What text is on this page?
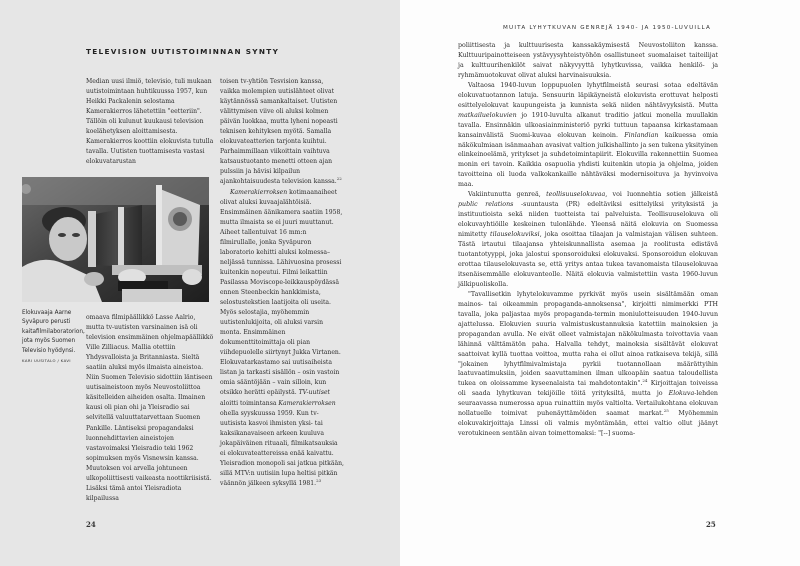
TELEVISION UUTISTOIMINNAN SYNTY

Median uusi ilmiö, televisio, tuli mukaan uutistoimintaan huhtikuussa 1957, kun Heikki Packalenin selostama Kamerakierros lähetettiin "eetteriin". Tällöin oli kulunut kuukausi television koelähetyksen aloittamisesta. Kamerakierros koottiin elokuvista tutulla tavalla. Uutisten tuottamisesta vastasi elokuvatarustan

Elokuvaaja Aarne Syväpuro perusti kaitafilmilaboratorion, jota myös Suomen Televisio hyödynsi. KARI UUSITALO / KAVI

omaava filmipäällikkö Lasse Aalrio, mutta tv-uutisten varsinainen isä oli television ensimmäinen ohjelmapäällikkö Ville Zilliacus. Mallia otettiin Yhdysvalloista ja Britanniasta. Sieltä saatiin aluksi myös ilmaista aineistoa. Niin Suomen Televisio sidottiin läntiseen uutisaineistoon myös Neuvostoliittoa käsitelleiden aiheiden osalta. Ilmainen kausi oli pian ohi ja Yleisradio sai selvitellä valuuttatarvettaan Suomen Pankille. Läntiseksi propagandaksi luonnehdittavien aineistojen vastavoimaksi Yleisradio teki 1962 sopimuksen myös Visnewsin kanssa. Muutoksen voi arvella johtuneen ulkopoliittisesti vaikeasta noottikriisistä. Lisäksi tämä antoi Yleisradiota kilpailussa

toisen tv-yhtiön Tesvision kanssa, vaikka molempien uutislähteet olivat käytännössä samankaltaiset. Uutisten välittymisen viive oli aluksi kolmen päivän luokkaa, mutta lyheni nopeasti teknisen kehityksen myötä. Samalla elokuvateatterien tarjonta kuihtui. Parhaimmillaan viikoittain vaihtuva katsaustuotanto menetti otteen ajan pulssiin ja hävisi kilpailun ajankohtaisuudesta television kanssa.$^{22}$

Kamerakierroksen kotimaanaiheet olivat aluksi kuvaajalähtöisiä. Ensimmäinen äänikamera saatiin 1958, mutta ilmaista se ei juuri muuttanut. Aiheet tallentuivat 16 mm:n filmirullalle, jonka Syväpuron laboratorio kehitti aluksi kolmessa–neljässä tunnissa. Lähivuosina prosessi kuitenkin nopeutui. Filmi leikattiin Pasilassa Moviscope-leikkauspöydässä ennen Steenbeckin hankkimista, selostustekstien laatijoita oli useita. Myös selostajia, myöhemmin uutistenlukijoita, oli aluksi varsin monta. Ensimmäinen dokumenttitoimittaja oli pian viihdepuolelle siirtynyt Jukka Virtanen. Elokuvatarkastamo sai uutisaiheista listan ja tarkasti sisällön – osin vastoin omia sääntöjään – vain silloin, kun otsikko herätti epäilystä. TV-uutiset aloitti toimintansa Kamerakierroksen ohella syyskuussa 1959. Kun tv-uutisista kasvoi ihmisten yksi- tai kaksikanavaiseen arkeen kuuluva jokapäiväinen rituaali, filmikatsauksia ei elokuvateattereissa enää kaivattu. Yleisradion monopoli sai jatkua pitkään, sillä MTV:n uutisiin lupa heltisi pitkän väännön jälkeen syksyllä 1981.23

24
MUITA LYHYTKUVAN GENREJÄ 1940- JA 1950-LUVUILLA

poliittisesta ja kulttuurisesta kanssakäymisestä Neuvostoliiton kanssa. Kulttuuripainotteiseen ystävyysyhteistyöhön osallistuneet suomalaiset taiteilijat ja kulttuurihenkilöt saivat näkyvyyttä lyhytkuvissa, vaikka henkilö- ja ryhmämuotokuvat olivat aluksi harvinaisuuksia.

Valtaosa 1940-luvun loppupuolen lyhytfilmeistä seurasi sotaa edeltävän elokuvatuotannon latuja. Sensuurin läpikäyneistä elokuvista erottuvat helposti esittelyelokuvat kaupungeista ja kunnista sekä niiden nähtävyyksistä. Mutta matkailuelokuvien jo 1910-luvulta alkanut traditio jatkui monella muullakin tavalla. Ensinnäkin ulkoasiainministeriö pyrki tuttuun tapaansa kirkastamaan kansainvälistä Suomi-kuvaa elokuvan keinoin. Finlandian kaikuessa omia näkökulmiaan isänmaahan avasivat valtion julkishallinto ja sen tukena yksityinen elinkeinoelämä, yritykset ja suhdetoimintapiirit. Elokuvilla rakennettiin Suomea monin eri tavoin. Kaikkia osapuolia yhdisti kuitenkin utopia ja ohjelma, joiden tavoitteina oli luoda valkokankaille nähtäväksi modernisoituva ja hyvinvoiva maa.

Vakiintunutta genreä, teollisuuselokuvaa, voi luonnehtia sotien jälkeistä public relations -suuntausta (PR) edeltäviksi esittelyiksi yrityksistä ja instituutioista sekä niiden tuotteista tai palveluista. Teollisuuselokuva oli elokuvayhtiöille keskeinen tulonlähde. Yleensä näitä elokuvia on Suomessa nimitetty tilauselokuviksi, joka osoittaa tilaajan ja valmistajan välisen suhteen. Tästä irtautui tilaajansa yhteiskunnallista asemaa ja roolitusta edistävä tuotantotyyppi, joka jalostui sponsoroiduksi elokuvaksi. Sponsoroidun elokuvan erottaa tilauselokuvasta se, että yritys antaa tukea tavanomaista tilauselokuvaa itsenäisemmälle elokuvanteolle. Näitä elokuvia valmistettiin vasta 1960-luvun jälkipuoliskolla.

"Tavallisetkin lyhytelokuvamme pyrkivät myös usein sisältämään oman mainos- tai oikeammin propaganda-annoksensa", kirjoitti nimimerkki PTH tavalla, joka paljastaa myös propaganda-termin moniulotteisuuden 1940-luvun ajattelussa. Elokuvien suuria valmistuskustannuksia katettiin mainoksien ja propagandan avulla. Ne eivät olleet valmistajan näkökulmasta toivottavia vaan lähinnä välttämätön paha. Halvalla tehdyt, mainoksia sisältävät elokuvat saattoivat kyllä tuottaa voittoa, mutta raha ei ollut ainoa ratkaiseva tekijä, sillä "jokainen lyhytfilmivalmistaja pyrkii tuotannollaan määrättyihin laatuvaatimuksiin, joiden saavuttaminen ilman ulkoapäin saatua taloudellista tukea on oloissamme kyseenalaista tai mahdotontakin".$^{24}$ Kirjoittajan toiveissa oli saada lyhytkuvan tekijöille töitä yrityksiltä, mutta jo Elokuva-lehden seuraavassa numerossa apua ruinattiin myös valtiolta. Vertailukohtana elokuvan nollatuelle toimivat puhenäyttämöiden saamat markat.$^{25}$ Myöhemmin elokuvakirjoittaja Linssi oli valmis myöntämään, ettei valtio ollut jäänyt verotukineen sentään aivan toimettomaksi: "[--] suoma-

25
